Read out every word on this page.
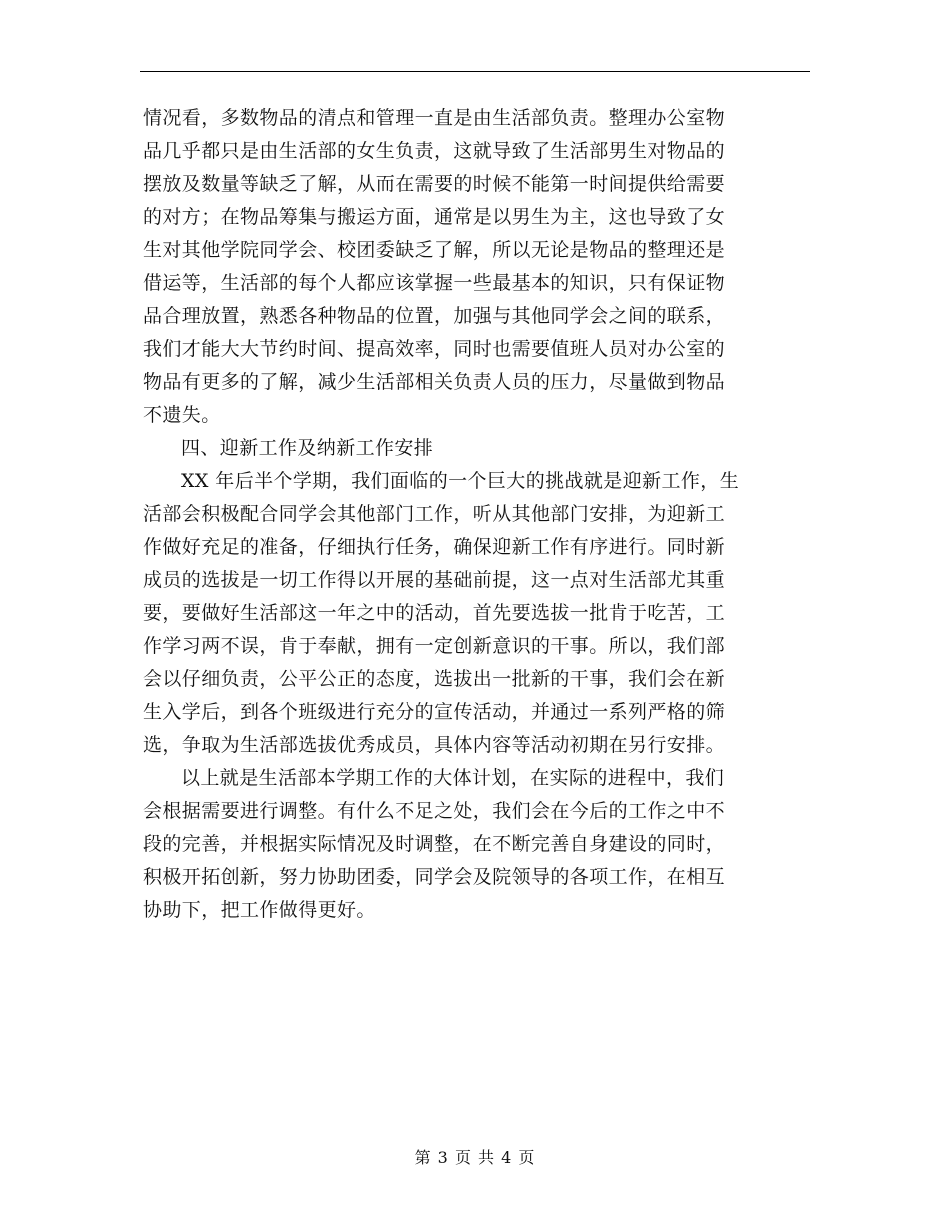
情况看，多数物品的清点和管理一直是由生活部负责。整理办公室物
品几乎都只是由生活部的女生负责，这就导致了生活部男生对物品的
摆放及数量等缺乏了解，从而在需要的时候不能第一时间提供给需要
的对方；在物品筹集与搬运方面，通常是以男生为主，这也导致了女
生对其他学院同学会、校团委缺乏了解，所以无论是物品的整理还是
借运等，生活部的每个人都应该掌握一些最基本的知识，只有保证物
品合理放置，熟悉各种物品的位置，加强与其他同学会之间的联系，
我们才能大大节约时间、提高效率，同时也需要值班人员对办公室的
物品有更多的了解，减少生活部相关负责人员的压力，尽量做到物品
不遗失。
四、迎新工作及纳新工作安排
XX 年后半个学期，我们面临的一个巨大的挑战就是迎新工作，生
活部会积极配合同学会其他部门工作，听从其他部门安排，为迎新工
作做好充足的准备，仔细执行任务，确保迎新工作有序进行。同时新
成员的选拔是一切工作得以开展的基础前提，这一点对生活部尤其重
要，要做好生活部这一年之中的活动，首先要选拔一批肯于吃苦，工
作学习两不误，肯于奉献，拥有一定创新意识的干事。所以，我们部
会以仔细负责，公平公正的态度，选拔出一批新的干事，我们会在新
生入学后，到各个班级进行充分的宣传活动，并通过一系列严格的筛
选，争取为生活部选拔优秀成员，具体内容等活动初期在另行安排。
以上就是生活部本学期工作的大体计划，在实际的进程中，我们
会根据需要进行调整。有什么不足之处，我们会在今后的工作之中不
段的完善，并根据实际情况及时调整，在不断完善自身建设的同时，
积极开拓创新，努力协助团委，同学会及院领导的各项工作，在相互
协助下，把工作做得更好。
第 3 页 共 4 页
